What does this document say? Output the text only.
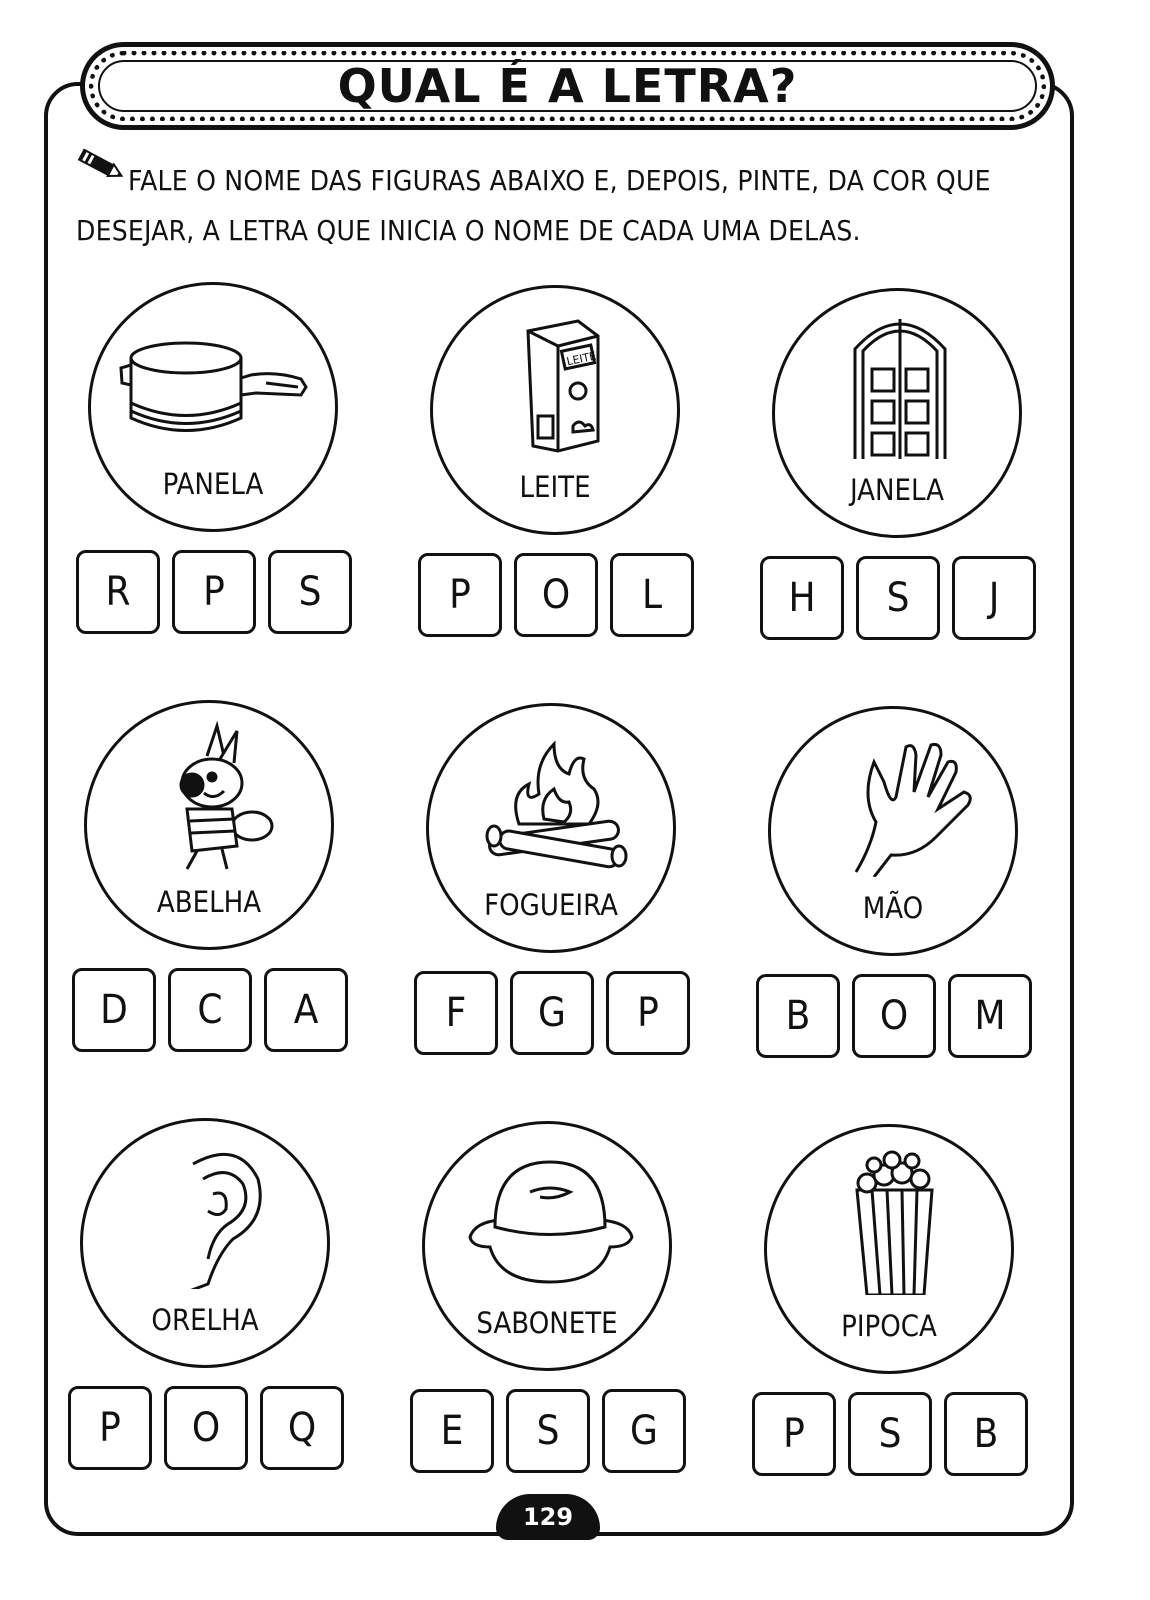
QUAL É A LETRA?
FALE O NOME DAS FIGURAS ABAIXO E, DEPOIS, PINTE, DA COR QUE DESEJAR, A LETRA QUE INICIA O NOME DE CADA UMA DELAS.
PANELA
R	P	S
LEITE
LEITE
P	O	L
JANELA
H	S	J
ABELHA
D	C	A
FOGUEIRA
F	G	P
MÃO
B	O	M
ORELHA
P	O	Q
SABONETE
E	S	G
PIPOCA
P	S	B
129
